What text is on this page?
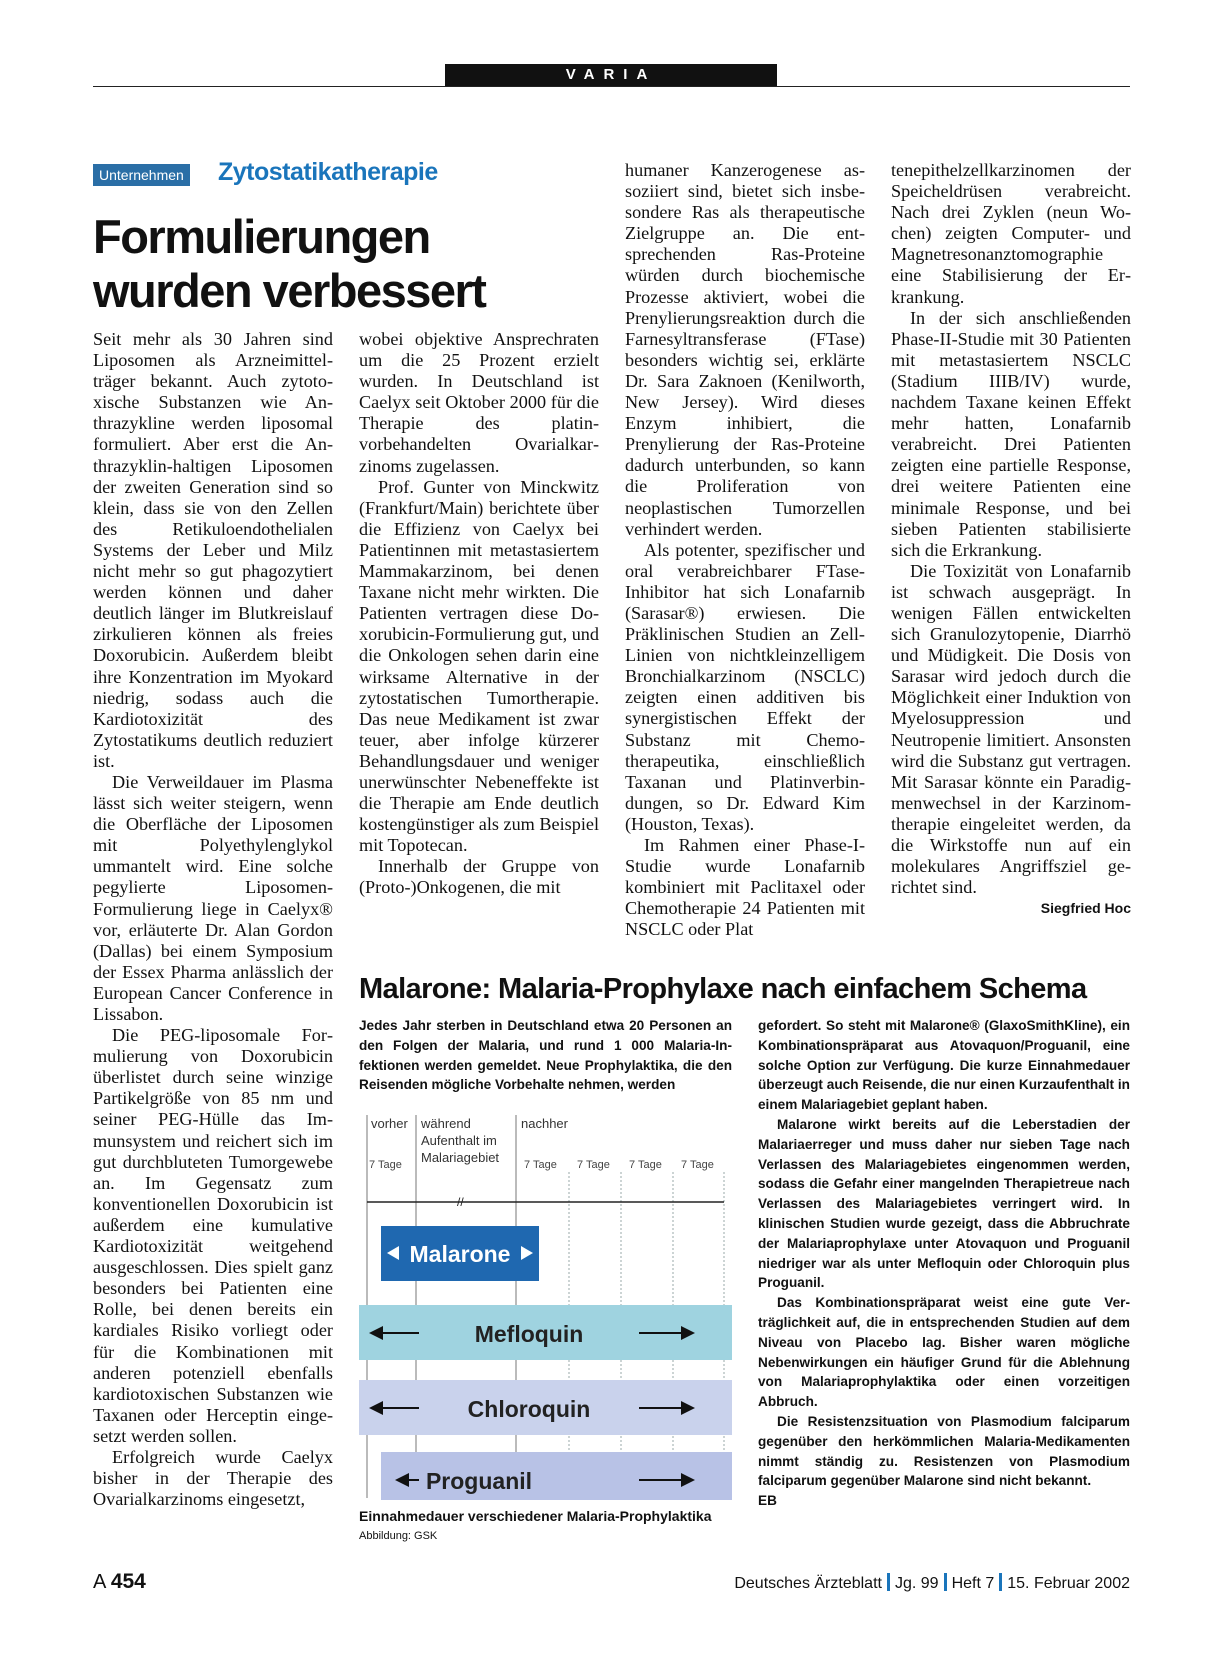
VARIA
Unternehmen Zytostatikatherapie
Formulierungen
wurden verbessert

Seit mehr als 30 Jahren sind Liposomen als Arzneimittelträger bekannt. Auch zytotoxische Substanzen wie Anthrazykline werden liposomal formuliert. Aber erst die Anthrazyklin-haltigen Liposomen der zweiten Generation sind so klein, dass sie von den Zellen des Retikuloendothelialen Systems der Leber und Milz nicht mehr so gut phagozytiert werden können und daher deutlich länger im Blutkreislauf zirkulieren können als freies Doxorubicin. Außerdem bleibt ihre Konzentration im Myokard niedrig, sodass auch die Kardiotoxizität des Zytostatikums deutlich reduziert ist.

Die Verweildauer im Plasma lässt sich weiter steigern, wenn die Oberfläche der Liposomen mit Polyethylenglykol ummantelt wird. Eine solche pegylierte Liposomen-Formulierung liege in Caelyx® vor, erläuterte Dr. Alan Gordon (Dallas) bei einem Symposium der Essex Pharma anlässlich der European Cancer Conference in Lissabon.

Die PEG-liposomale Formulierung von Doxorubicin überlistet durch seine winzige Partikelgröße von 85 nm und seiner PEG-Hülle das Immunsystem und reichert sich im gut durchbluteten Tumorgewebe an. Im Gegensatz zum konventionellen Doxorubicin ist außerdem eine kumulative Kardiotoxizität weitgehend ausgeschlossen. Dies spielt ganz besonders bei Patienten eine Rolle, bei denen bereits ein kardiales Risiko vorliegt oder für die Kombinationen mit anderen potenziell ebenfalls kardiotoxischen Substanzen wie Taxanen oder Herceptin eingesetzt werden sollen.

Erfolgreich wurde Caelyx bisher in der Therapie des Ovarialkarzinoms eingesetzt,

wobei objektive Ansprechraten um die 25 Prozent erzielt wurden. In Deutschland ist Caelyx seit Oktober 2000 für die Therapie des platinvorbehandelten Ovarialkarzinoms zugelassen.

Prof. Gunter von Minckwitz (Frankfurt/Main) berichtete über die Effizienz von Caelyx bei Patientinnen mit metastasiertem Mammakarzinom, bei denen Taxane nicht mehr wirkten. Die Patienten vertragen diese Doxorubicin-Formulierung gut, und die Onkologen sehen darin eine wirksame Alternative in der zytostatischen Tumortherapie. Das neue Medikament ist zwar teuer, aber infolge kürzerer Behandlungsdauer und weniger unerwünschter Nebeneffekte ist die Therapie am Ende deutlich kostengünstiger als zum Beispiel mit Topotecan.

Innerhalb der Gruppe von (Proto-)Onkogenen, die mit

humaner Kanzerogenese assoziiert sind, bietet sich insbesondere Ras als therapeutische Zielgruppe an. Die entsprechenden Ras-Proteine würden durch biochemische Prozesse aktiviert, wobei die Prenylierungsreaktion durch die Farnesyltransferase (FTase) besonders wichtig sei, erklärte Dr. Sara Zaknoen (Kenilworth, New Jersey). Wird dieses Enzym inhibiert, die Prenylierung der Ras-Proteine dadurch unterbunden, so kann die Proliferation von neoplastischen Tumorzellen verhindert werden.

Als potenter, spezifischer und oral verabreichbarer FTase-Inhibitor hat sich Lonafarnib (Sarasar®) erwiesen. Die Präklinischen Studien an Zell-Linien von nichtkleinzelligem Bronchialkarzinom (NSCLC) zeigten einen additiven bis synergistischen Effekt der Substanz mit Chemotherapeutika, einschließlich Taxanan und Platinverbindungen, so Dr. Edward Kim (Houston, Texas).

Im Rahmen einer Phase-I-Studie wurde Lonafarnib kombiniert mit Paclitaxel oder Chemotherapie 24 Patienten mit NSCLC oder Plat

tenepithelzellkarzinomen der Speicheldrüsen verabreicht. Nach drei Zyklen (neun Wochen) zeigten Computer- und Magnetresonanztomographie eine Stabilisierung der Erkrankung.

In der sich anschließenden Phase-II-Studie mit 30 Patienten mit metastasiertem NSCLC (Stadium IIIB/IV) wurde, nachdem Taxane keinen Effekt mehr hatten, Lonafarnib verabreicht. Drei Patienten zeigten eine partielle Response, drei weitere Patienten eine minimale Response, und bei sieben Patienten stabilisierte sich die Erkrankung.

Die Toxizität von Lonafarnib ist schwach ausgeprägt. In wenigen Fällen entwickelten sich Granulozytopenie, Diarrhö und Müdigkeit. Die Dosis von Sarasar wird jedoch durch die Möglichkeit einer Induktion von Myelosuppression und Neutropenie limitiert. Ansonsten wird die Substanz gut vertragen. Mit Sarasar könnte ein Paradigmenwechsel in der Karzinomtherapie eingeleitet werden, da die Wirkstoffe nun auf ein molekulares Angriffsziel gerichtet sind.

Siegfried Hoc
Malarone: Malaria-Prophylaxe nach einfachem Schema

Jedes Jahr sterben in Deutschland etwa 20 Personen an den Folgen der Malaria, und rund 1 000 Malaria-Infektionen werden gemeldet. Neue Prophylaktika, die den Reisenden mögliche Vorbehalte nehmen, werden

gefordert. So steht mit Malarone® (GlaxoSmithKline), ein Kombinationspräparat aus Atovaquon/Proguanil, eine solche Option zur Verfügung. Die kurze Einnahmedauer überzeugt auch Reisende, die nur einen Kurzaufenthalt in einem Malariagebiet geplant haben.

Malarone wirkt bereits auf die Leberstadien der Malariaerreger und muss daher nur sieben Tage nach Verlassen des Malariagebietes eingenommen werden, sodass die Gefahr einer mangelnden Therapietreue nach Verlassen des Malariagebietes verringert wird. In klinischen Studien wurde gezeigt, dass die Abbruchrate der Malariaprophylaxe unter Atovaquon und Proguanil niedriger war als unter Mefloquin oder Chloroquin plus Proguanil.

Das Kombinationspräparat weist eine gute Verträglichkeit auf, die in entsprechenden Studien auf dem Niveau von Placebo lag. Bisher waren mögliche Nebenwirkungen ein häufiger Grund für die Ablehnung von Malariaprophylaktika oder einen vorzeitigen Abbruch.

Die Resistenzsituation von Plasmodium falciparum gegenüber den herkömmlichen Malaria-Medikamenten nimmt ständig zu. Resistenzen von Plasmodium falciparum gegenüber Malarone sind nicht bekannt.

EB

//
vorher während
Aufenthalt im
Malariagebiet
nachher
7 Tage	7 Tage 7 Tage 7 Tage 7 Tage
Malarone
Mefloquin
Chloroquin
Proguanil
Einnahmedauer verschiedener Malaria-Prophylaktika
Abbildung: GSK
A 454	Deutsches Ärzteblatt Jg. 99 Heft 7 15. Februar 2002
